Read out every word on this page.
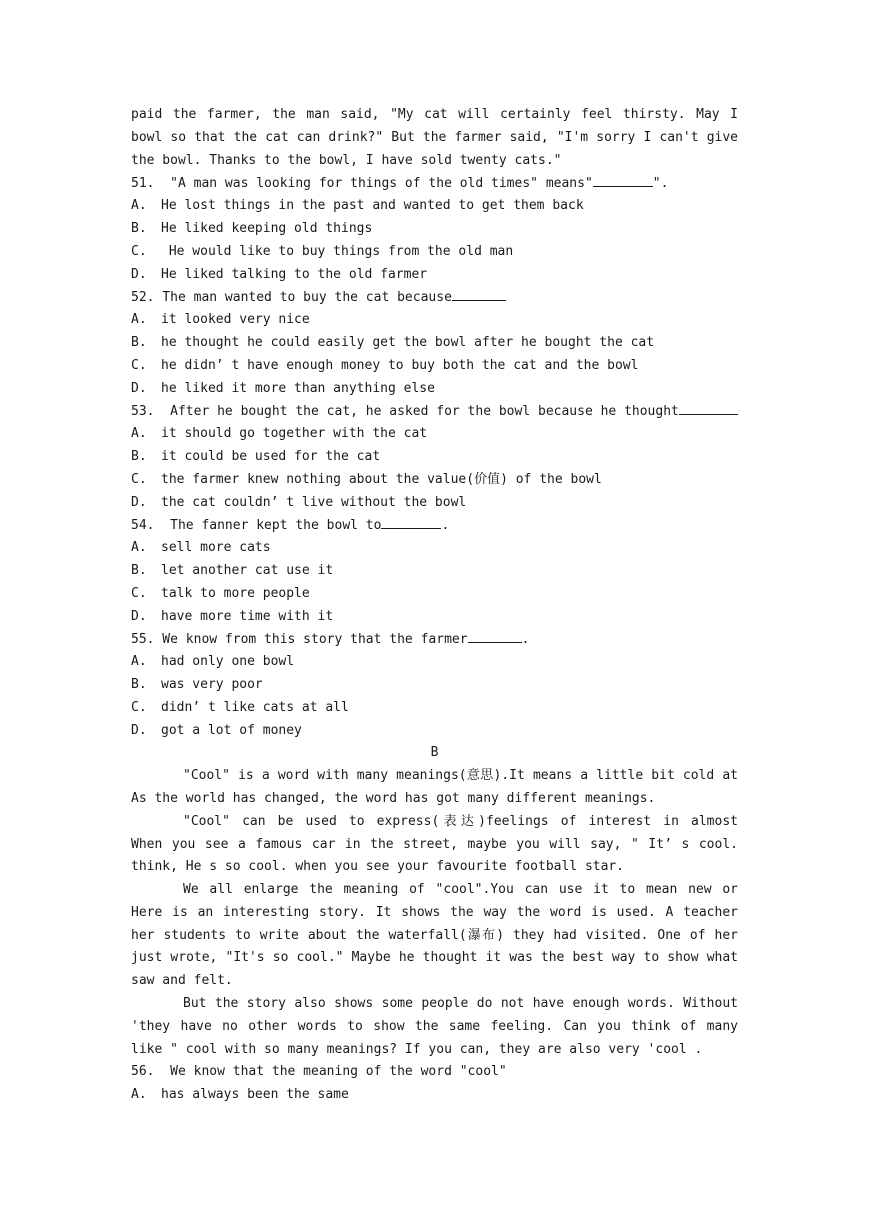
paid the farmer, the man said, "My cat will certainly feel thirsty. May I
bowl so that the cat can drink?" But the farmer said, "I'm sorry I can't give
the bowl. Thanks to the bowl, I have sold twenty cats."
51.  "A man was looking for things of the old times" means"	".
A. He lost things in the past and wanted to get them back
B. He liked keeping old things
C. He would like to buy things from the old man
D. He liked talking to the old farmer
52. The man wanted to buy the cat because
A. it looked very nice
B. he thought he could easily get the bowl after he bought the cat
C. he didn’ t have enough money to buy both the cat and the bowl
D. he liked it more than anything else
53.  After he bought the cat, he asked for the bowl because he thought
A. it should go together with the cat
B. it could be used for the cat
C. the farmer knew nothing about the value(价值) of the bowl
D. the cat couldn’ t live without the bowl
54.  The fanner kept the bowl to	.
A. sell more cats
B. let another cat use it
C. talk to more people
D. have more time with it
55. We know from this story that the farmer	.
A. had only one bowl
B. was very poor
C. didn’ t like cats at all
D. got a lot of money
B
"Cool" is a word with many meanings(意思).It means a little bit cold at
As the world has changed, the word has got many different meanings.
"Cool" can be used to express(表达)feelings of interest in almost
When you see a famous car in the street, maybe you will say, " It’ s cool.
think, He s so cool. when you see your favourite football star.
We all enlarge the meaning of "cool".You can use it to mean new or
Here is an interesting story. It shows the way the word is used. A teacher
her students to write about the waterfall(瀑布) they had visited. One of her
just wrote, "It's so cool." Maybe he thought it was the best way to show what
saw and felt.
But the story also shows some people do not have enough words. Without
'they have no other words to show the same feeling. Can you think of many
like " cool with so many meanings? If you can, they are also very 'cool .
56.  We know that the meaning of the word "cool"
A. has always been the same
